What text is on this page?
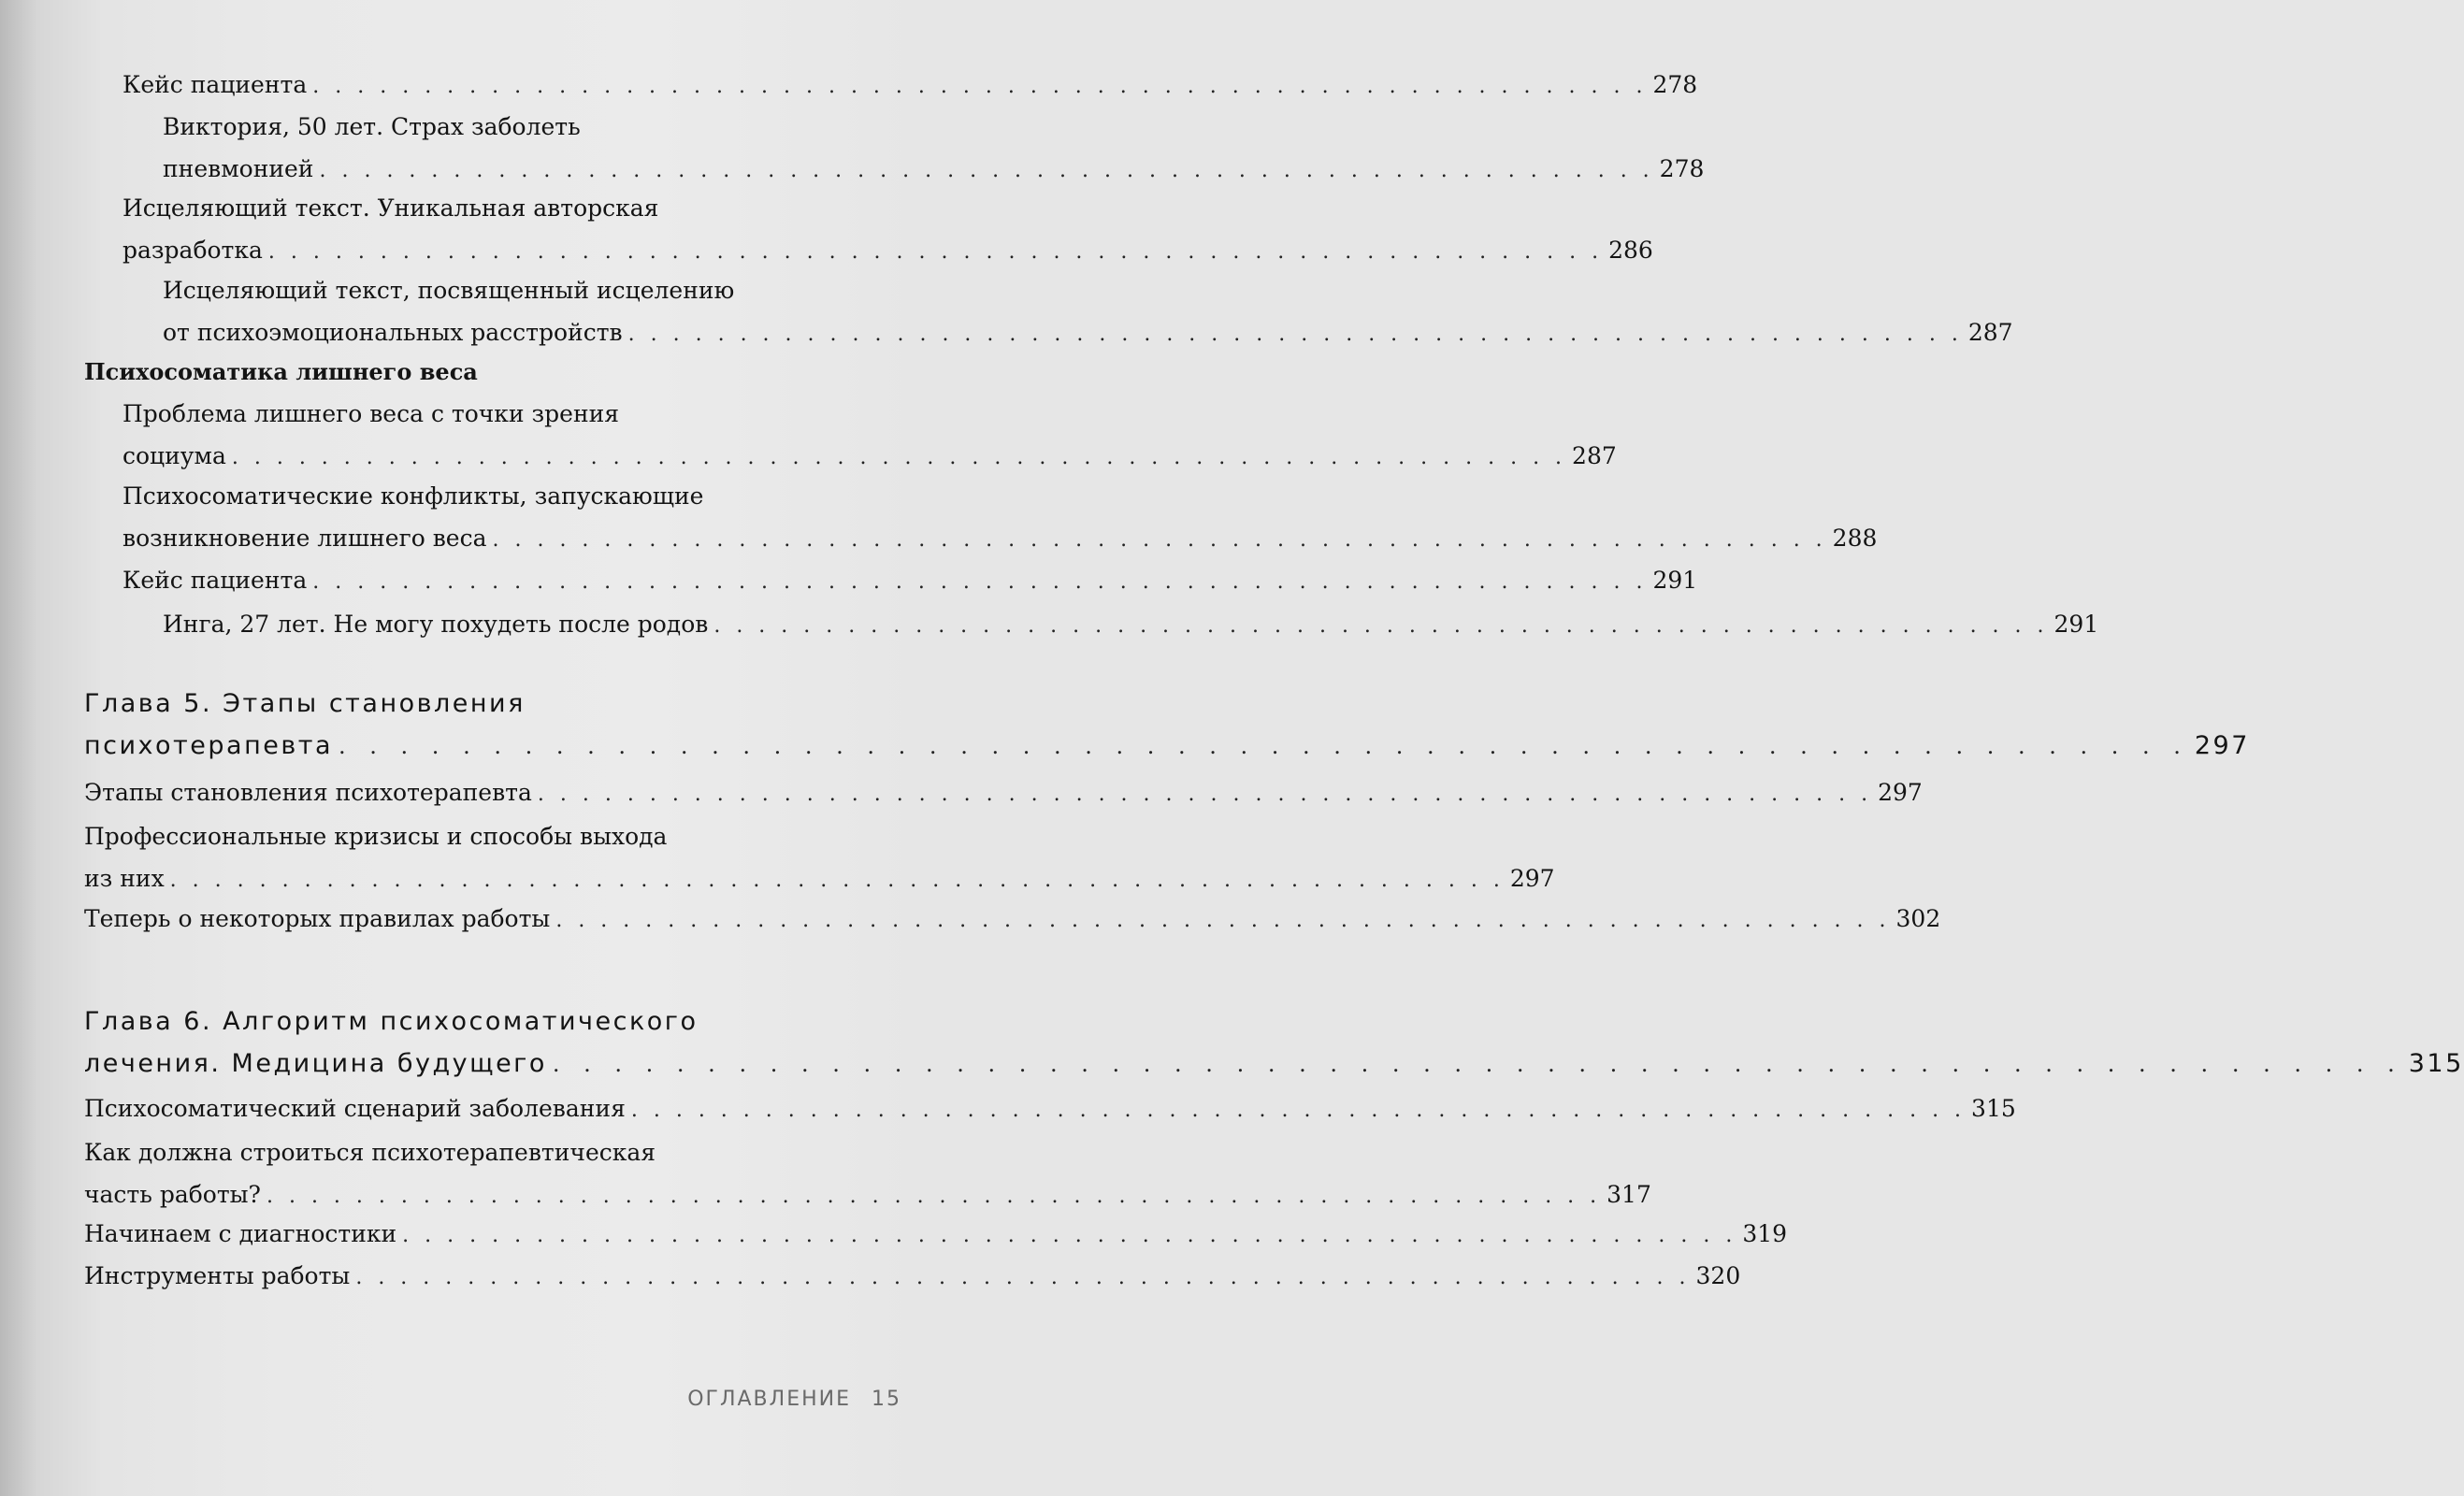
Кейс пациента . . . . . . . . . . . . . . . . . . . . . . . . . . . . . . . . . . . . . . . . . . . . . . . . . . . . . . . . . . . . 278
Виктория, 50 лет. Страх заболеть
пневмонией . . . . . . . . . . . . . . . . . . . . . . . . . . . . . . . . . . . . . . . . . . . . . . . . . . . . . . . . . . . . 278
Исцеляющий текст. Уникальная авторская
разработка . . . . . . . . . . . . . . . . . . . . . . . . . . . . . . . . . . . . . . . . . . . . . . . . . . . . . . . . . . . . 286
Исцеляющий текст, посвященный исцелению
от психоэмоциональных расстройств . . . . . . . . . . . . . . . . . . . . . . . . . . . . . . . . . . . . . . . . . . . . . . . . . . . . . . . . . . . . 287
Психосоматика лишнего веса
Проблема лишнего веса с точки зрения
социума . . . . . . . . . . . . . . . . . . . . . . . . . . . . . . . . . . . . . . . . . . . . . . . . . . . . . . . . . . . . 287
Психосоматические конфликты, запускающие
возникновение лишнего веса . . . . . . . . . . . . . . . . . . . . . . . . . . . . . . . . . . . . . . . . . . . . . . . . . . . . . . . . . . . . 288
Кейс пациента . . . . . . . . . . . . . . . . . . . . . . . . . . . . . . . . . . . . . . . . . . . . . . . . . . . . . . . . . . . . 291
Инга, 27 лет. Не могу похудеть после родов . . . . . . . . . . . . . . . . . . . . . . . . . . . . . . . . . . . . . . . . . . . . . . . . . . . . . . . . . . . . 291
Глава 5. Этапы становления
психотерапевта . . . . . . . . . . . . . . . . . . . . . . . . . . . . . . . . . . . . . . . . . . . . . . . . . . . . . . . . . . . . 297
Этапы становления психотерапевта . . . . . . . . . . . . . . . . . . . . . . . . . . . . . . . . . . . . . . . . . . . . . . . . . . . . . . . . . . . . 297
Профессиональные кризисы и способы выхода
из них . . . . . . . . . . . . . . . . . . . . . . . . . . . . . . . . . . . . . . . . . . . . . . . . . . . . . . . . . . . . 297
Теперь о некоторых правилах работы . . . . . . . . . . . . . . . . . . . . . . . . . . . . . . . . . . . . . . . . . . . . . . . . . . . . . . . . . . . . 302
Глава 6. Алгоритм психосоматического
лечения. Медицина будущего . . . . . . . . . . . . . . . . . . . . . . . . . . . . . . . . . . . . . . . . . . . . . . . . . . . . . . . . . . . . 315
Психосоматический сценарий заболевания . . . . . . . . . . . . . . . . . . . . . . . . . . . . . . . . . . . . . . . . . . . . . . . . . . . . . . . . . . . . 315
Как должна строиться психотерапевтическая
часть работы? . . . . . . . . . . . . . . . . . . . . . . . . . . . . . . . . . . . . . . . . . . . . . . . . . . . . . . . . . . . . 317
Начинаем с диагностики . . . . . . . . . . . . . . . . . . . . . . . . . . . . . . . . . . . . . . . . . . . . . . . . . . . . . . . . . . . . 319
Инструменты работы . . . . . . . . . . . . . . . . . . . . . . . . . . . . . . . . . . . . . . . . . . . . . . . . . . . . . . . . . . . . 320
ОГЛАВЛЕНИЕ 15
